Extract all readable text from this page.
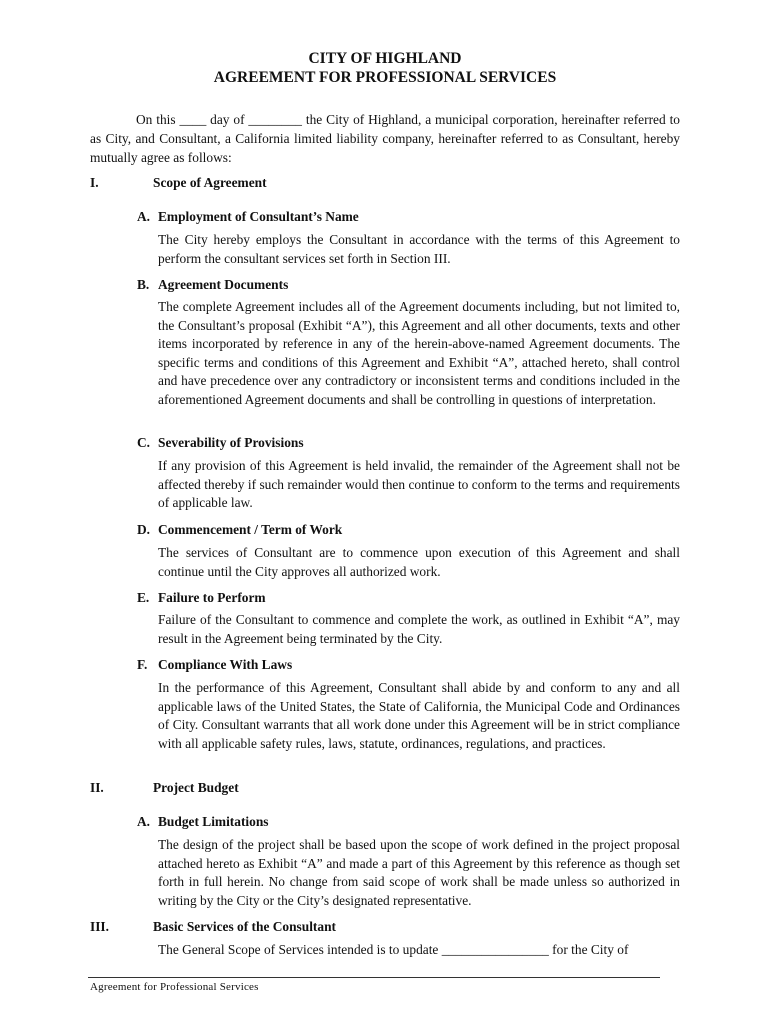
CITY OF HIGHLAND
AGREEMENT FOR PROFESSIONAL SERVICES

On this ____ day of ________ the City of Highland, a municipal corporation, hereinafter referred to as City, and Consultant, a California limited liability company, hereinafter referred to as Consultant, hereby mutually agree as follows:

I.	Scope of Agreement
A. Employment of Consultant’s Name

The City hereby employs the Consultant in accordance with the terms of this Agreement to perform the consultant services set forth in Section III.

B. Agreement Documents

The complete Agreement includes all of the Agreement documents including, but not limited to, the Consultant’s proposal (Exhibit “A”), this Agreement and all other documents, texts and other items incorporated by reference in any of the herein-above-named Agreement documents. The specific terms and conditions of this Agreement and Exhibit “A”, attached hereto, shall control and have precedence over any contradictory or inconsistent terms and conditions included in the aforementioned Agreement documents and shall be controlling in questions of interpretation.

C. Severability of Provisions

If any provision of this Agreement is held invalid, the remainder of the Agreement shall not be affected thereby if such remainder would then continue to conform to the terms and requirements of applicable law.

D. Commencement / Term of Work

The services of Consultant are to commence upon execution of this Agreement and shall continue until the City approves all authorized work.

E. Failure to Perform

Failure of the Consultant to commence and complete the work, as outlined in Exhibit “A”, may result in the Agreement being terminated by the City.

F. Compliance With Laws

In the performance of this Agreement, Consultant shall abide by and conform to any and all applicable laws of the United States, the State of California, the Municipal Code and Ordinances of City. Consultant warrants that all work done under this Agreement will be in strict compliance with all applicable safety rules, laws, statute, ordinances, regulations, and practices.

II.	Project Budget
A. Budget Limitations

The design of the project shall be based upon the scope of work defined in the project proposal attached hereto as Exhibit “A” and made a part of this Agreement by this reference as though set forth in full herein. No change from said scope of work shall be made unless so authorized in writing by the City or the City’s designated representative.

III.	Basic Services of the Consultant

The General Scope of Services intended is to update ________________ for the City of

Agreement for Professional Services
